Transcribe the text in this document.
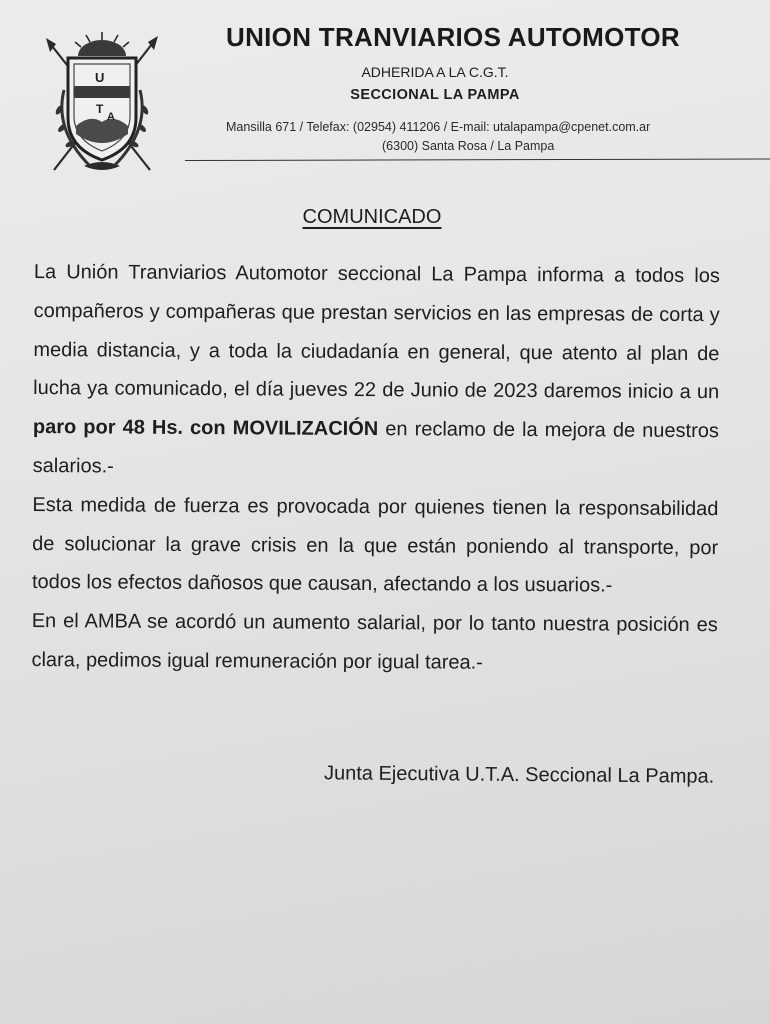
U
T
A
UNION TRANVIARIOS AUTOMOTOR
ADHERIDA A LA C.G.T.
SECCIONAL LA PAMPA
Mansilla 671 / Telefax: (02954) 411206 / E-mail: utalapampa@cpenet.com.ar
(6300) Santa Rosa / La Pampa
COMUNICADO

La Unión Tranviarios Automotor seccional La Pampa informa a todos los compañeros y compañeras que prestan servicios en las empresas de corta y media distancia, y a toda la ciudadanía en general, que atento al plan de lucha ya comunicado, el día jueves 22 de Junio de 2023 daremos inicio a un paro por 48 Hs. con MOVILIZACIÓN en reclamo de la mejora de nuestros salarios.-

Esta medida de fuerza es provocada por quienes tienen la responsabilidad de solucionar la grave crisis en la que están poniendo al transporte, por todos los efectos dañosos que causan, afectando a los usuarios.-

En el AMBA se acordó un aumento salarial, por lo tanto nuestra posición es clara, pedimos igual remuneración por igual tarea.-

Junta Ejecutiva U.T.A. Seccional La Pampa.
